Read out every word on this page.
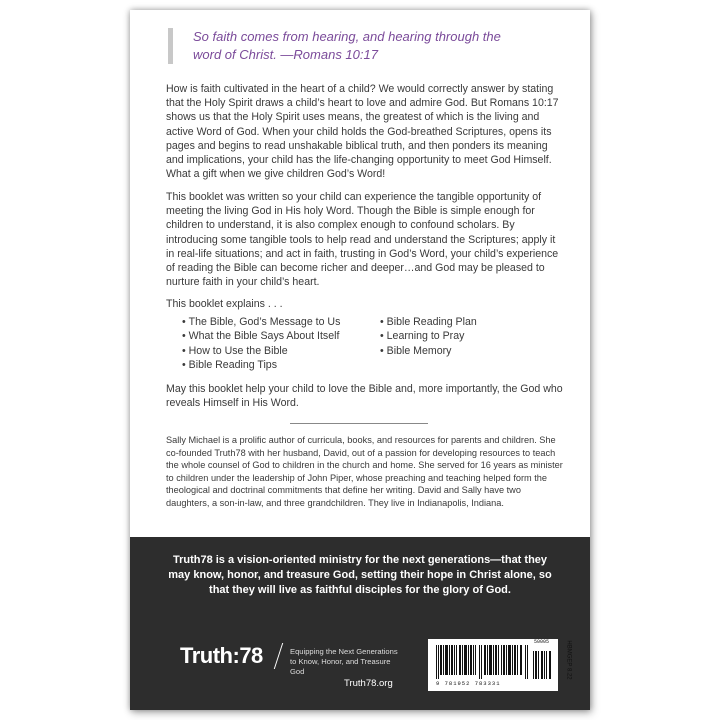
So faith comes from hearing, and hearing through the

word of Christ. —Romans 10:17

How is faith cultivated in the heart of a child? We would correctly answer by stating that the Holy Spirit draws a child’s heart to love and admire God. But Romans 10:17 shows us that the Holy Spirit uses means, the greatest of which is the living and active Word of God. When your child holds the God-breathed Scriptures, opens its pages and begins to read unshakable biblical truth, and then ponders its meaning and implications, your child has the life-changing opportunity to meet God Himself. What a gift when we give children God’s Word!

This booklet was written so your child can experience the tangible opportunity of meeting the living God in His holy Word. Though the Bible is simple enough for children to understand, it is also complex enough to confound scholars. By introducing some tangible tools to help read and understand the Scriptures; apply it in real-life situations; and act in faith, trusting in God’s Word, your child’s experience of reading the Bible can become richer and deeper…and God may be pleased to nurture faith in your child’s heart.

This booklet explains . . .

• The Bible, God’s Message to Us
• What the Bible Says About Itself
• How to Use the Bible
• Bible Reading Tips
• Bible Reading Plan
• Learning to Pray
• Bible Memory

May this booklet help your child to love the Bible and, more importantly, the God who reveals Himself in His Word.

Sally Michael is a prolific author of curricula, books, and resources for parents and children. She co-founded Truth78 with her husband, David, out of a passion for developing resources to teach the whole counsel of God to children in the church and home. She served for 16 years as minister to children under the leadership of John Piper, whose preaching and teaching helped form the theological and doctrinal commitments that define her writing. David and Sally have two daughters, a son-in-law, and three grandchildren. They live in Indianapolis, Indiana.

Truth78 is a vision-oriented ministry for the next generations—that they may know, honor, and treasure God, setting their hope in Christ alone, so that they will live as faithful disciples for the glory of God.

Truth:78	Equipping the Next Generations
to Know, Honor, and Treasure God
Truth78.org
50005
9 781952 783331
HBMGEP 8.22
